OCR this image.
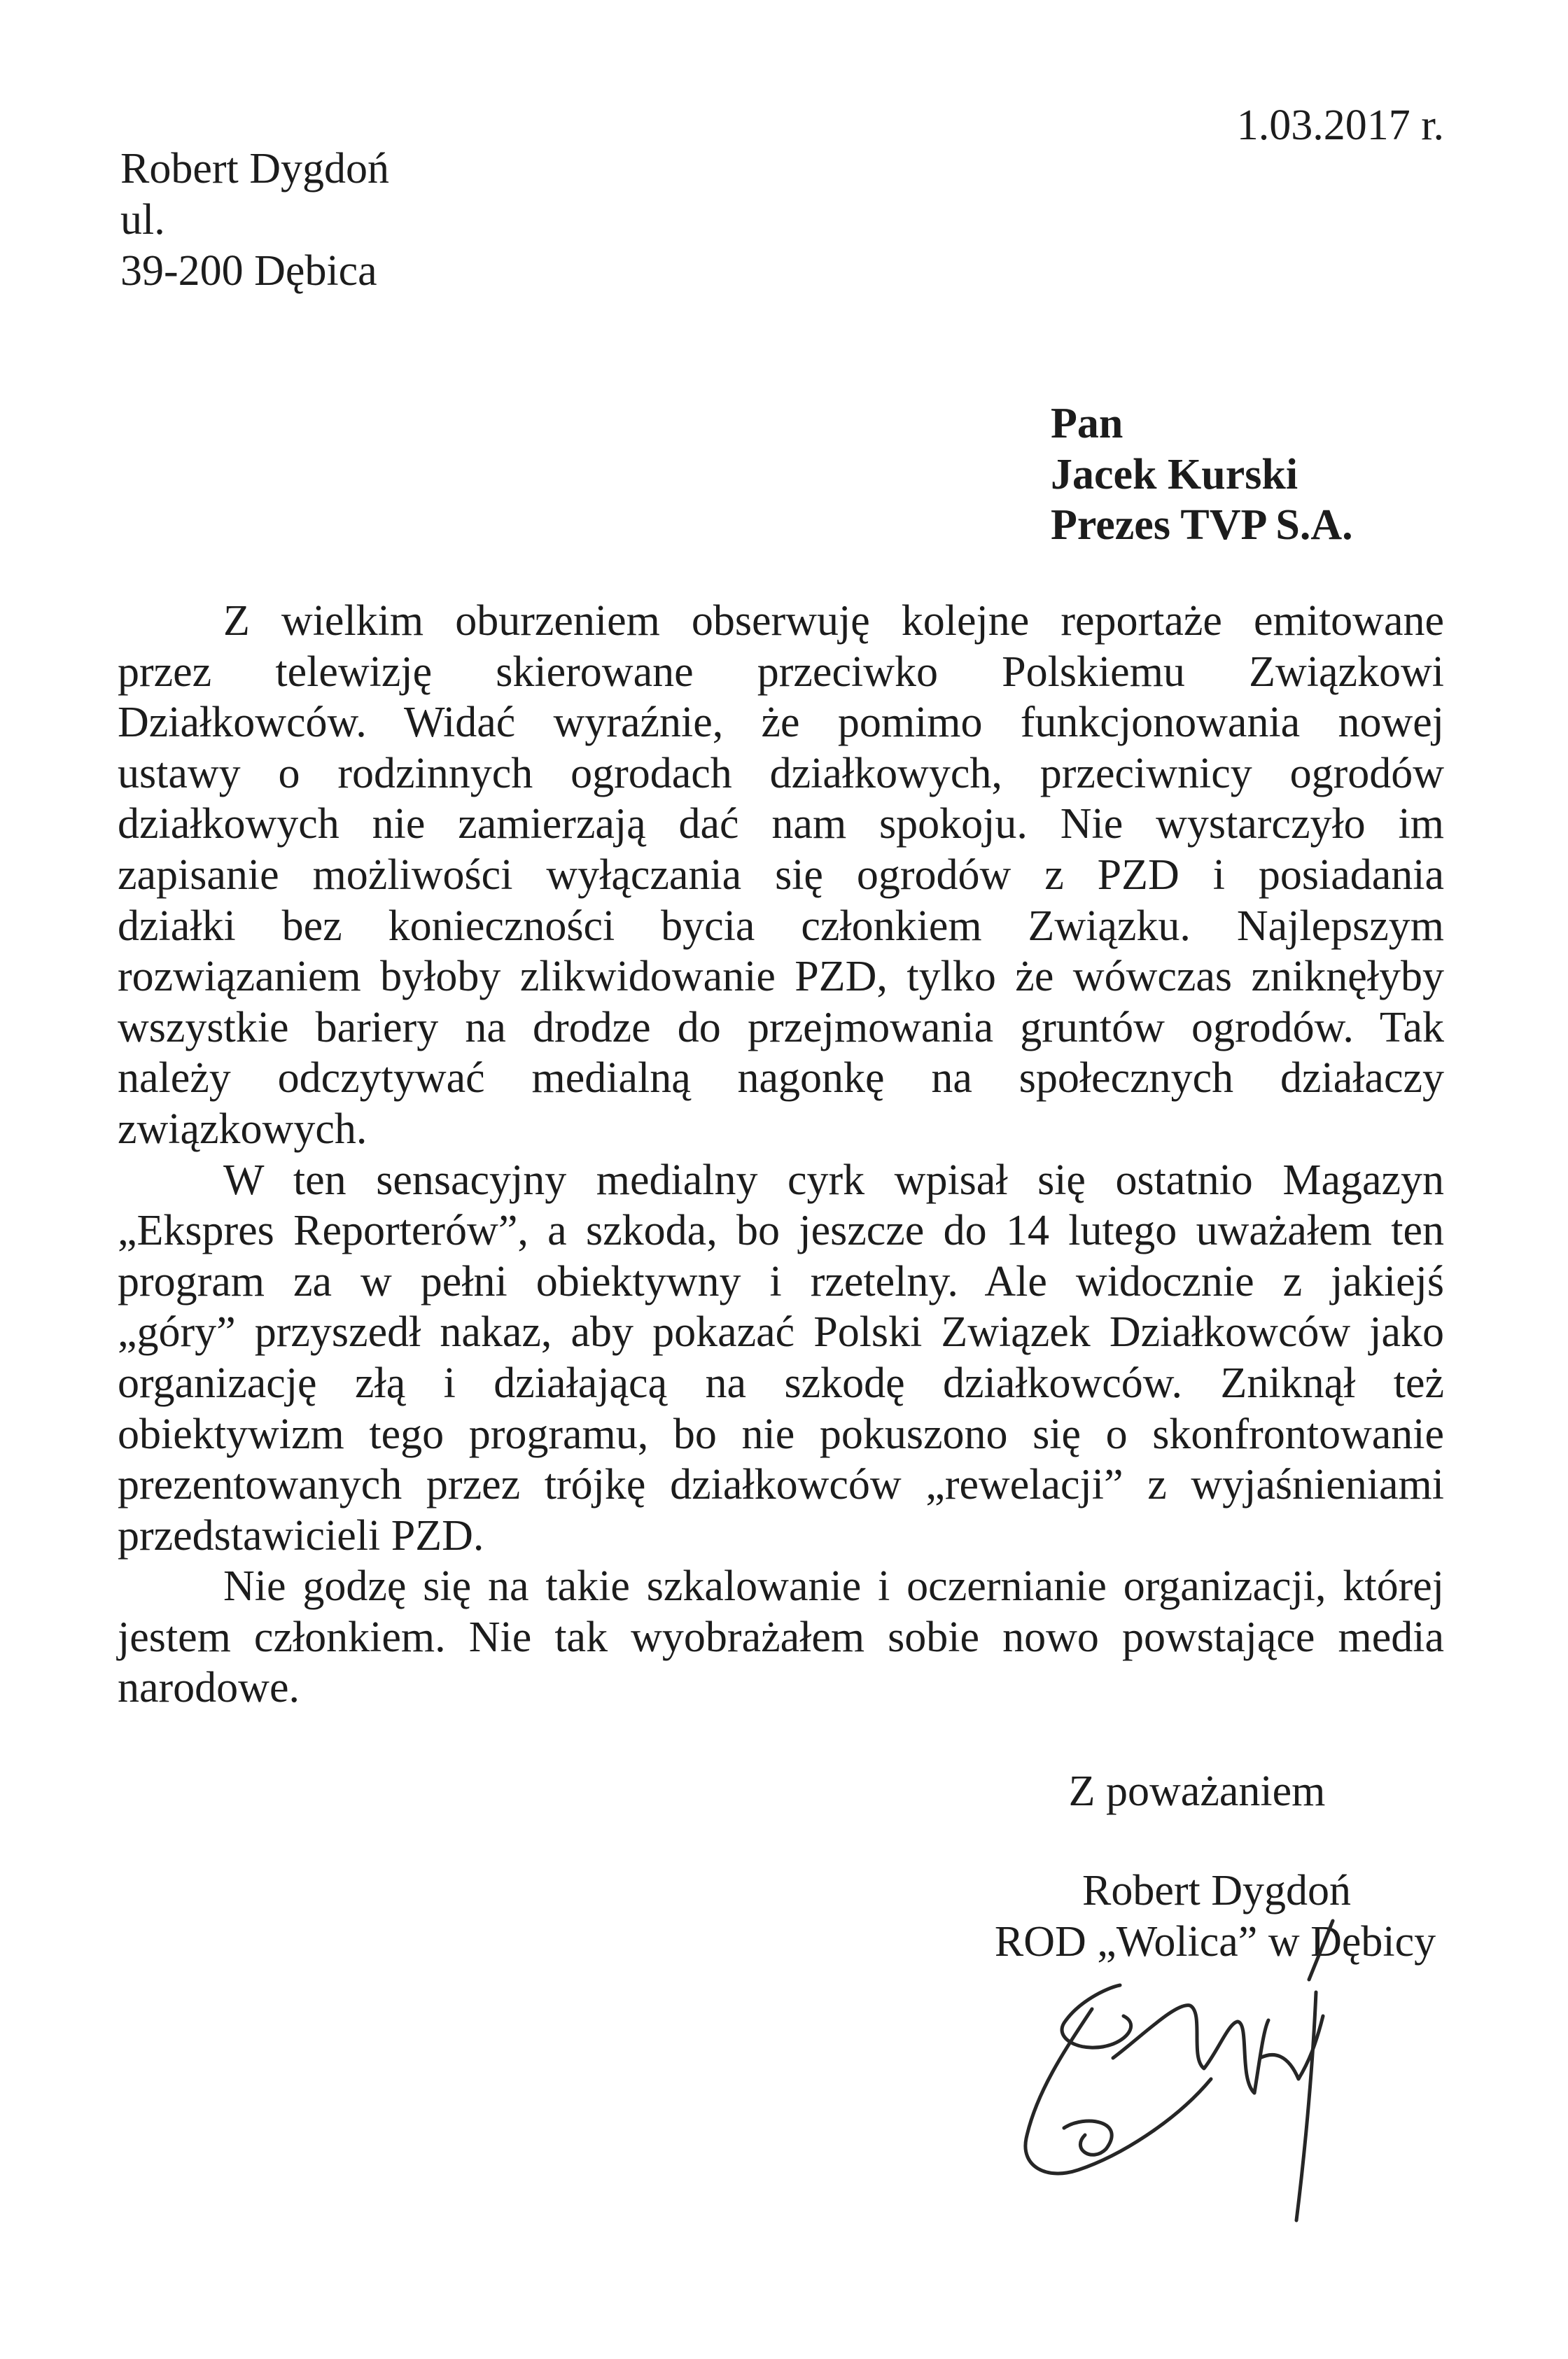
1.03.2017 r.
Robert Dygdoń
ul.
39-200 Dębica
Pan
Jacek Kurski
Prezes TVP S.A.
Z wielkim oburzeniem obserwuję kolejne reportaże emitowane
przez telewizję skierowane przeciwko Polskiemu Związkowi
Działkowców. Widać wyraźnie, że pomimo funkcjonowania nowej
ustawy o rodzinnych ogrodach działkowych, przeciwnicy ogrodów
działkowych nie zamierzają dać nam spokoju. Nie wystarczyło im
zapisanie możliwości wyłączania się ogrodów z PZD i posiadania
działki bez konieczności bycia członkiem Związku. Najlepszym
rozwiązaniem byłoby zlikwidowanie PZD, tylko że wówczas zniknęłyby
wszystkie bariery na drodze do przejmowania gruntów ogrodów. Tak
należy odczytywać medialną nagonkę na społecznych działaczy
związkowych.
W ten sensacyjny medialny cyrk wpisał się ostatnio Magazyn
„Ekspres Reporterów”, a szkoda, bo jeszcze do 14 lutego uważałem ten
program za w pełni obiektywny i rzetelny. Ale widocznie z jakiejś
„góry” przyszedł nakaz, aby pokazać Polski Związek Działkowców jako
organizację złą i działającą na szkodę działkowców. Zniknął też
obiektywizm tego programu, bo nie pokuszono się o skonfrontowanie
prezentowanych przez trójkę działkowców „rewelacji” z wyjaśnieniami
przedstawicieli PZD.
Nie godzę się na takie szkalowanie i oczernianie organizacji, której
jestem członkiem. Nie tak wyobrażałem sobie nowo powstające media
narodowe.
Z poważaniem
Robert Dygdoń
ROD „Wolica” w Dębicy
